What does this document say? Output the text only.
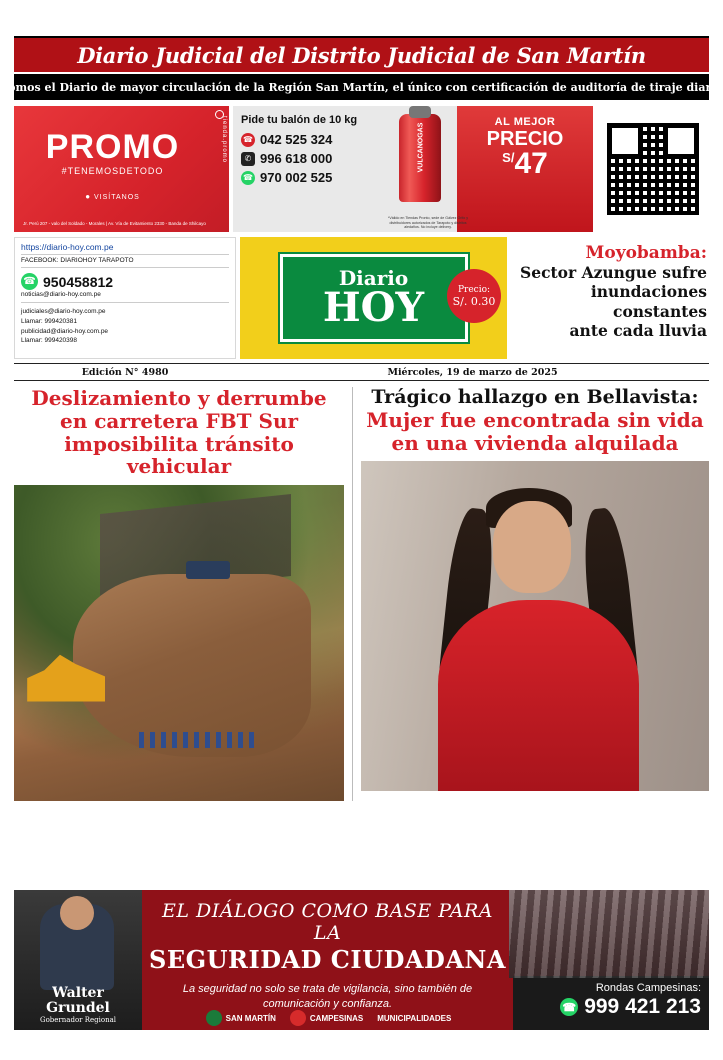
Diario Judicial del Distrito Judicial de San Martín
Somos el Diario de mayor circulación de la Región San Martín, el único con certificación de auditoría de tiraje diario
tienda.promo
PROMO
#TENEMOSDETODO
● VISÍTANOS
Jr. Perú 207 - valo del Soldado - Morales | Av. Vía de Evitamiento 2330 - Banda de Shilcayo
Pide tu balón de 10 kg
☎ 042 525 324
✆ 996 618 000
☎ 970 002 525
VULCANOGAS
AL MEJOR
PRECIO
$^{S/}$47
*Válido en Tiendas Pronto, sede de Gálvez Grifo y distribuidores autorizados de Tarapoto y distritos aledaños. No incluye delivery.
https://diario-hoy.com.pe
FACEBOOK: DIARIOHOY TARAPOTO
☎ 950458812
noticias@diario-hoy.com.pe
judiciales@diario-hoy.com.pe
Llamar: 999420381
publicidad@diario-hoy.com.pe
Llamar: 999420398
Diario
HOY	Precio:
S/. 0.30
Moyobamba:
Sector Azungue sufre
inundaciones constantes
ante cada lluvia
Edición N° 4980	Miércoles, 19 de marzo de 2025
Deslizamiento y derrumbe
en carretera FBT Sur
imposibilita tránsito vehicular
Trágico hallazgo en Bellavista:
Mujer fue encontrada sin vida
en una vivienda alquilada
Walter
Grundel
Gobernador Regional
EL DIÁLOGO COMO BASE PARA LA
SEGURIDAD CIUDADANA
La seguridad no solo se trata de vigilancia, sino también de comunicación y confianza.
SAN MARTÍN	CAMPESINAS MUNICIPALIDADES
Rondas Campesinas:
☎ 999 421 213
